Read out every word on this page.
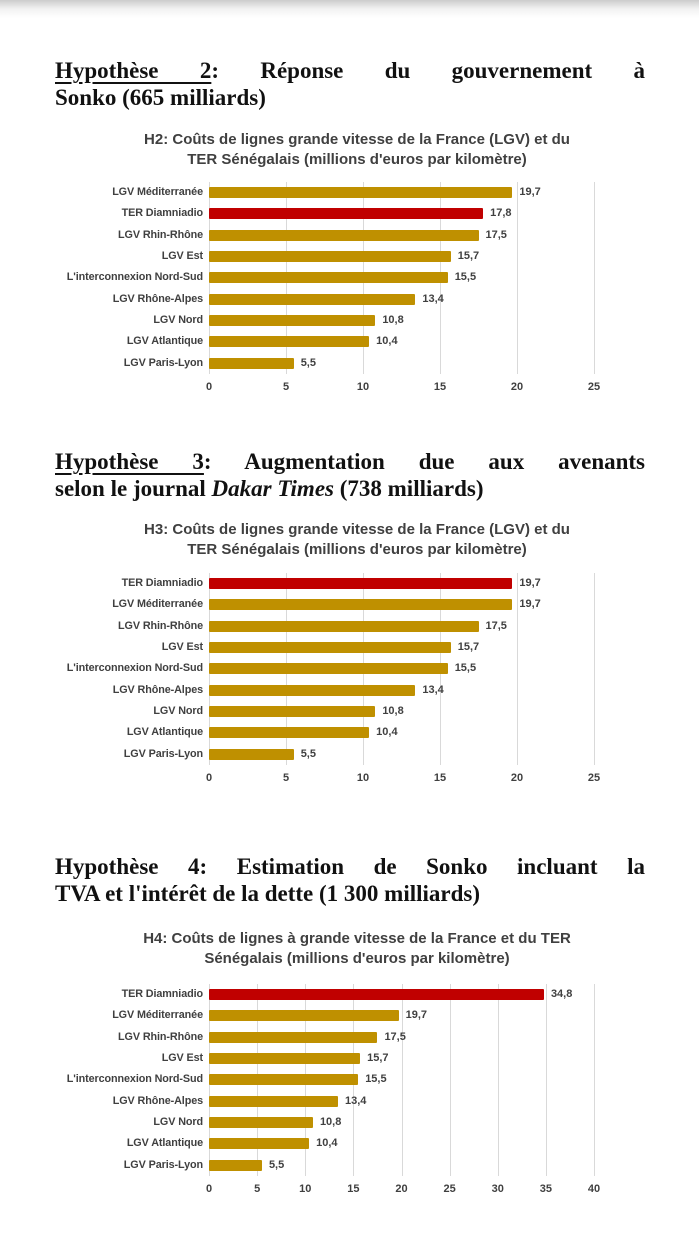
Hypothèse 2: Réponse du gouvernement à
Sonko (665 milliards)
H2: Coûts de lignes grande vitesse de la France (LGV) et du
TER Sénégalais (millions d'euros par kilomètre)
LGV Méditerranée
TER Diamniadio
LGV Rhin-Rhône
LGV Est
L'interconnexion Nord-Sud
LGV Rhône-Alpes
LGV Nord
LGV Atlantique
LGV Paris-Lyon
19,7
17,8
17,5
15,7
15,5
13,4
10,8
10,4
5,5
0	5	10	15	20	25
Hypothèse 3: Augmentation due aux avenants
selon le journal Dakar Times (738 milliards)
H3: Coûts de lignes grande vitesse de la France (LGV) et du
TER Sénégalais (millions d'euros par kilomètre)
TER Diamniadio
LGV Méditerranée
LGV Rhin-Rhône
LGV Est
L'interconnexion Nord-Sud
LGV Rhône-Alpes
LGV Nord
LGV Atlantique
LGV Paris-Lyon
19,7
19,7
17,5
15,7
15,5
13,4
10,8
10,4
5,5
0	5	10	15	20	25
Hypothèse 4: Estimation de Sonko incluant la
TVA et l'intérêt de la dette (1 300 milliards)
H4: Coûts de lignes à grande vitesse de la France et du TER
Sénégalais (millions d'euros par kilomètre)
TER Diamniadio
LGV Méditerranée
LGV Rhin-Rhône
LGV Est
L'interconnexion Nord-Sud
LGV Rhône-Alpes
LGV Nord
LGV Atlantique
LGV Paris-Lyon
34,8
19,7
17,5
15,7
15,5
13,4
10,8
10,4
5,5
0	5	10	15	20	25	30	35	40
